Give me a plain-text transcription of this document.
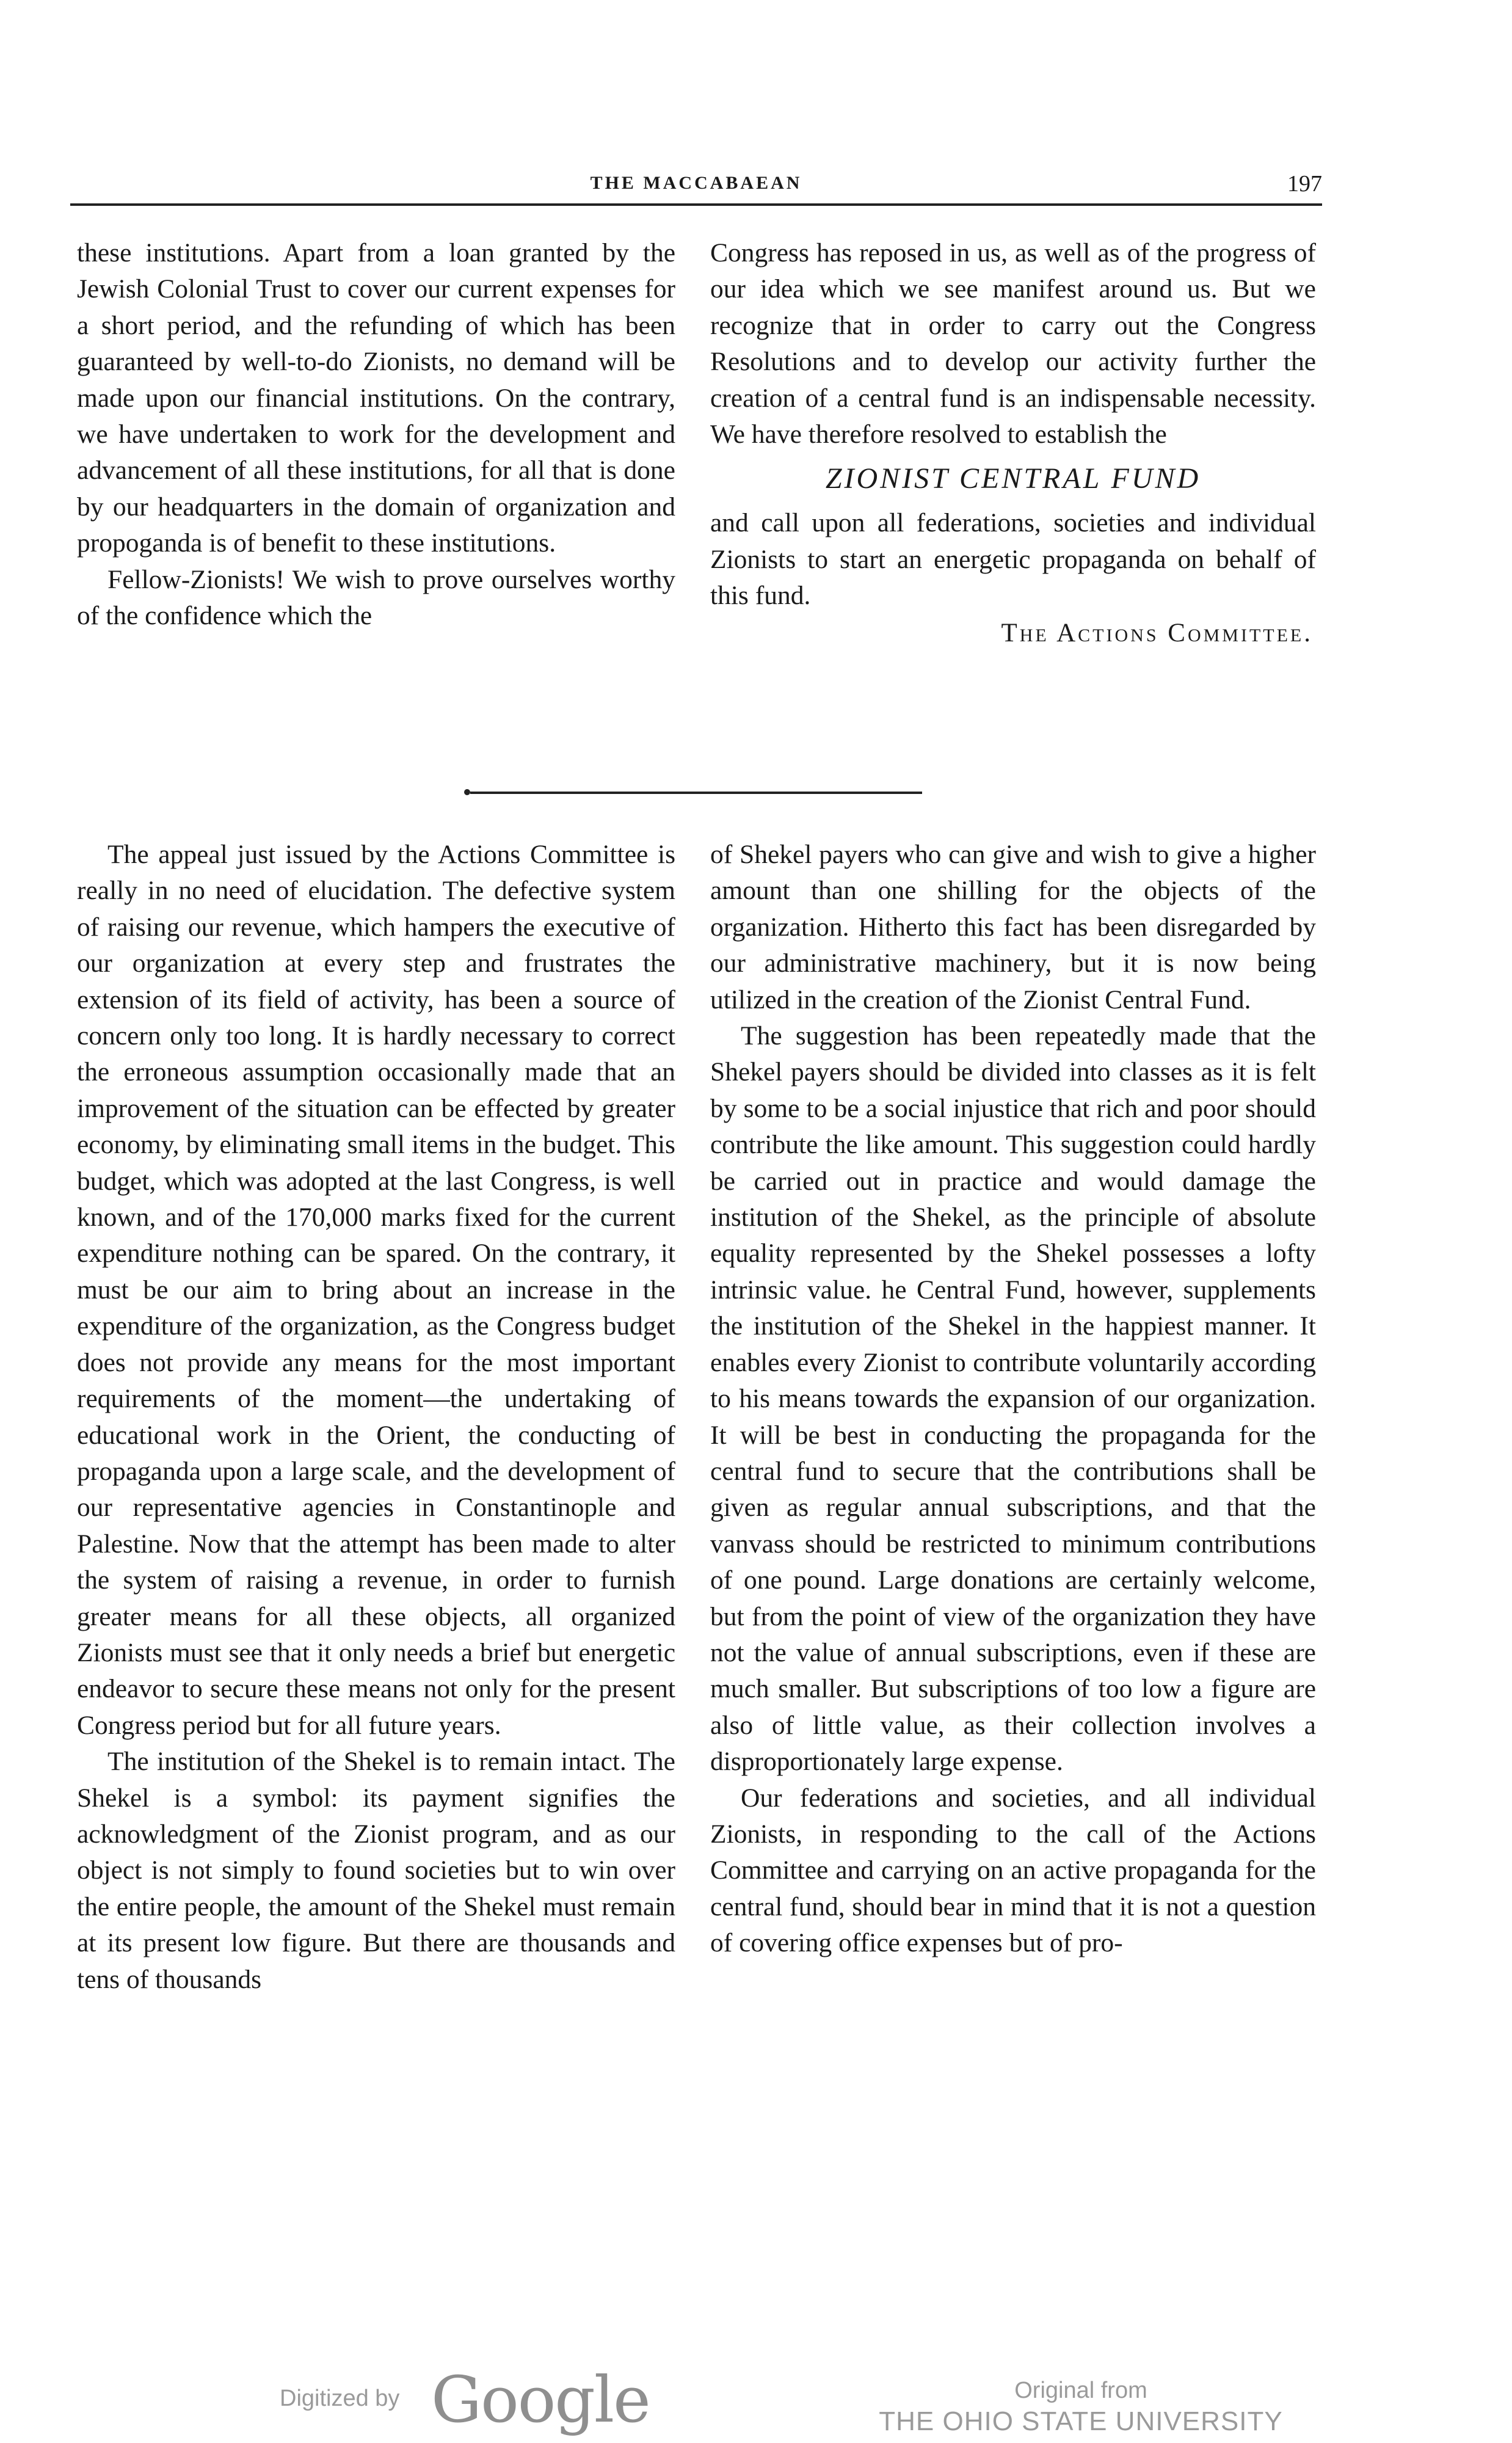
THE MACCABAEAN	197

these institutions. Apart from a loan granted by the Jewish Colonial Trust to cover our current expenses for a short period, and the refunding of which has been guaranteed by well-to-do Zionists, no demand will be made upon our financial institutions. On the contrary, we have undertaken to work for the development and advancement of all these institutions, for all that is done by our headquarters in the domain of organization and propoganda is of benefit to these institutions.

Fellow-Zionists! We wish to prove ourselves worthy of the confidence which the

Congress has reposed in us, as well as of the progress of our idea which we see manifest around us. But we recognize that in order to carry out the Congress Resolutions and to develop our activity further the creation of a central fund is an indispensable necessity. We have therefore resolved to establish the

ZIONIST CENTRAL FUND

and call upon all federations, societies and individual Zionists to start an energetic propaganda on behalf of this fund.

The Actions Committee.

The appeal just issued by the Actions Committee is really in no need of elucidation. The defective system of raising our revenue, which hampers the executive of our organization at every step and frustrates the extension of its field of activity, has been a source of concern only too long. It is hardly necessary to correct the erroneous assumption occasionally made that an improvement of the situation can be effected by greater economy, by eliminating small items in the budget. This budget, which was adopted at the last Congress, is well known, and of the 170,000 marks fixed for the current expenditure nothing can be spared. On the contrary, it must be our aim to bring about an increase in the expenditure of the organization, as the Congress budget does not provide any means for the most important requirements of the moment—the undertaking of educational work in the Orient, the conducting of propaganda upon a large scale, and the development of our representative agencies in Constantinople and Palestine. Now that the attempt has been made to alter the system of raising a revenue, in order to furnish greater means for all these objects, all organized Zionists must see that it only needs a brief but energetic endeavor to secure these means not only for the present Congress period but for all future years.

The institution of the Shekel is to remain intact. The Shekel is a symbol: its payment signifies the acknowledgment of the Zionist program, and as our object is not simply to found societies but to win over the entire people, the amount of the Shekel must remain at its present low figure. But there are thousands and tens of thousands

of Shekel payers who can give and wish to give a higher amount than one shilling for the objects of the organization. Hitherto this fact has been disregarded by our administrative machinery, but it is now being utilized in the creation of the Zionist Central Fund.

The suggestion has been repeatedly made that the Shekel payers should be divided into classes as it is felt by some to be a social injustice that rich and poor should contribute the like amount. This suggestion could hardly be carried out in practice and would damage the institution of the Shekel, as the principle of absolute equality represented by the Shekel possesses a lofty intrinsic value. he Central Fund, however, supplements the institution of the Shekel in the happiest manner. It enables every Zionist to contribute voluntarily according to his means towards the expansion of our organization. It will be best in conducting the propaganda for the central fund to secure that the contributions shall be given as regular annual subscriptions, and that the vanvass should be restricted to minimum contributions of one pound. Large donations are certainly welcome, but from the point of view of the organization they have not the value of annual subscriptions, even if these are much smaller. But subscriptions of too low a figure are also of little value, as their collection involves a disproportionately large expense.

Our federations and societies, and all individual Zionists, in responding to the call of the Actions Committee and carrying on an active propaganda for the central fund, should bear in mind that it is not a question of covering office expenses but of pro-

Digitized by Google	Original from
THE OHIO STATE UNIVERSITY
